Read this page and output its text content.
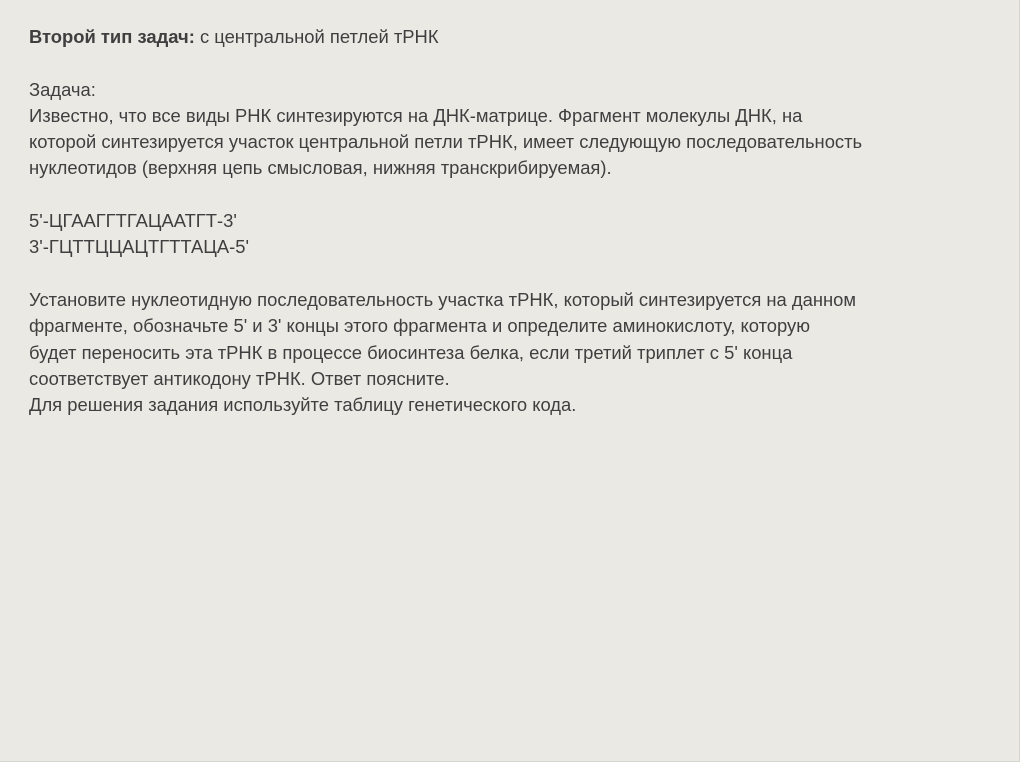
Второй тип задач: с центральной петлей тРНК
Задача:
Известно, что все виды РНК синтезируются на ДНК-матрице. Фрагмент молекулы ДНК, на
которой синтезируется участок центральной петли тРНК, имеет следующую последовательность
нуклеотидов (верхняя цепь смысловая, нижняя транскрибируемая).
5'-ЦГААГГТГАЦААТГТ-3'
3'-ГЦТТЦЦАЦТГТТАЦА-5'
Установите нуклеотидную последовательность участка тРНК, который синтезируется на данном
фрагменте, обозначьте 5' и 3' концы этого фрагмента и определите аминокислоту, которую
будет переносить эта тРНК в процессе биосинтеза белка, если третий триплет с 5' конца
соответствует антикодону тРНК. Ответ поясните.
Для решения задания используйте таблицу генетического кода.
